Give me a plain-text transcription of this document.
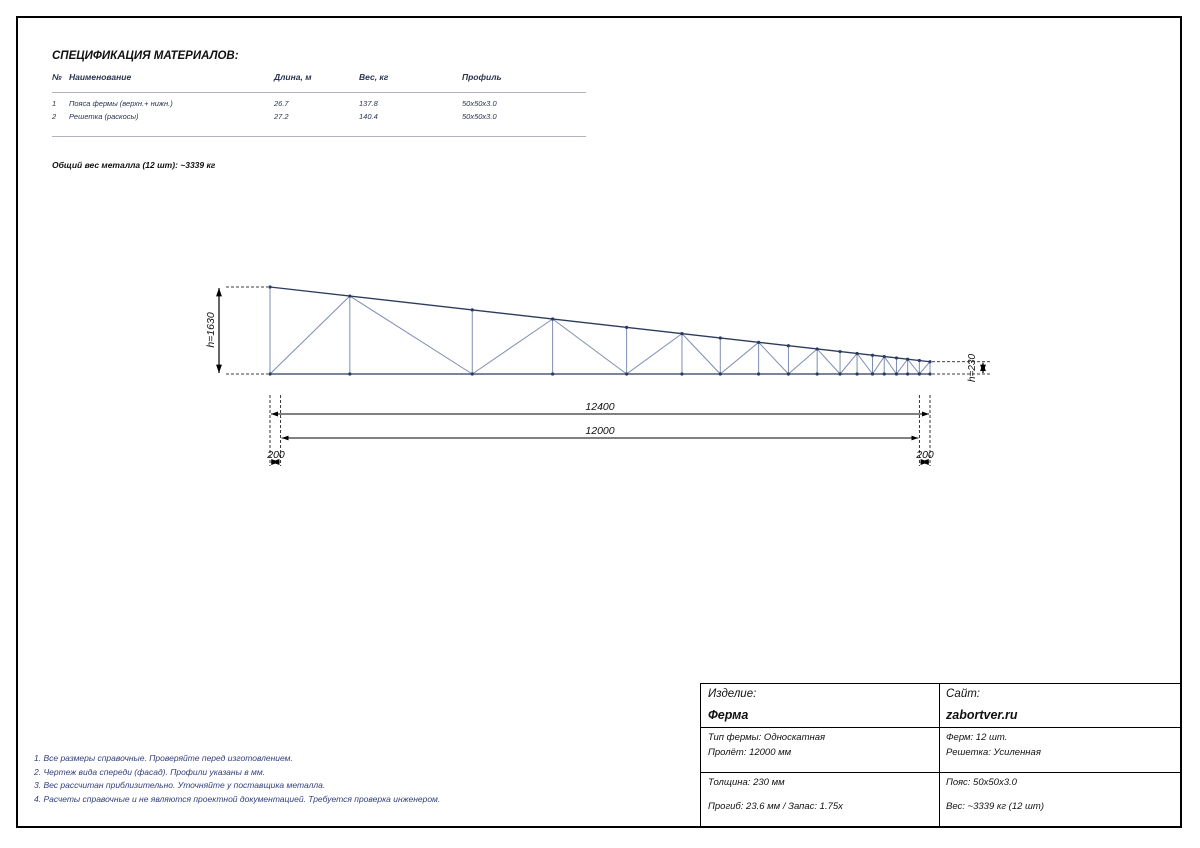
СПЕЦИФИКАЦИЯ МАТЕРИАЛОВ:
№ Наименование	Длина, м	Вес, кг	Профиль
1 Пояса фермы (верхн.+ нижн.)	26.7	137.8	50x50x3.0
2 Решетка (раскосы)	27.2	140.4	50x50x3.0
Общий вес металла (12 шт): ~3339 кг
h=1630
h=230
12400
12000
200	200
1. Все размеры справочные. Проверяйте перед изготовлением.
2. Чертеж вида спереди (фасад). Профили указаны в мм.
3. Вес рассчитан приблизительно. Уточняйте у поставщика металла.
4. Расчеты справочные и не являются проектной документацией. Требуется проверка инженером.
Изделие:
Ферма
Сайт:
zabortver.ru
Тип фермы: Односкатная
Пролёт: 12000 мм
Ферм: 12 шт.
Решетка: Усиленная
Толщина: 230 мм
Прогиб: 23.6 мм / Запас: 1.75x
Пояс: 50x50x3.0
Вес: ~3339 кг (12 шт)
